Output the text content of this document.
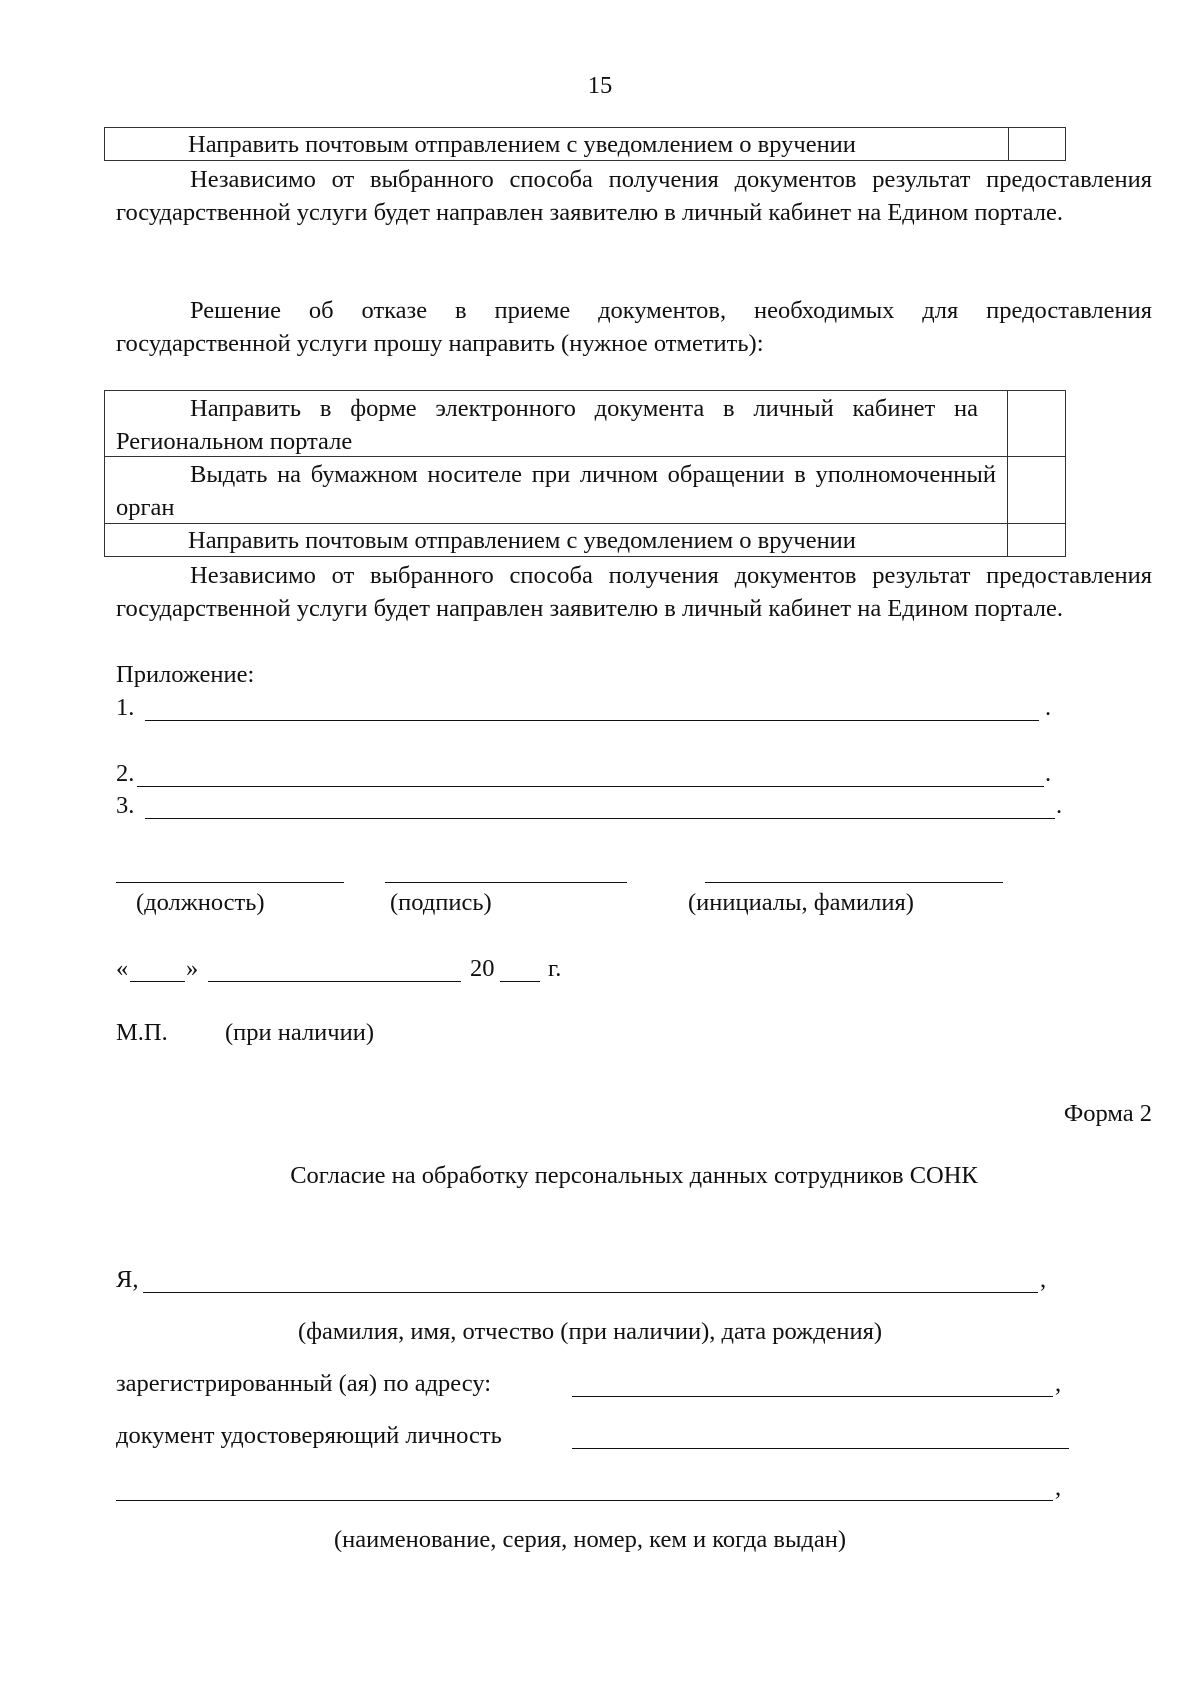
15
Направить почтовым отправлением с уведомлением о вручении
Независимо от выбранного способа получения документов результат предоставления государственной услуги будет направлен заявителю в личный кабинет на Едином портале.
Решение об отказе в приеме документов, необходимых для предоставления государственной услуги прошу направить (нужное отметить):
Направить в форме электронного документа в личный кабинет на Региональном портале
Выдать на бумажном носителе при личном обращении в уполномоченный орган
Направить почтовым отправлением с уведомлением о вручении
Независимо от выбранного способа получения документов результат предоставления государственной услуги будет направлен заявителю в личный кабинет на Едином портале.
Приложение:
1.	.
2.	.
3.	.
(должность)	(подпись)	(инициалы, фамилия)
« »	20 г.
М.П. (при наличии)
Форма 2
Согласие на обработку персональных данных сотрудников СОНК
Я,	,
(фамилия, имя, отчество (при наличии), дата рождения)
зарегистрированный (ая) по адресу:	,
документ удостоверяющий личность
,
(наименование, серия, номер, кем и когда выдан)
